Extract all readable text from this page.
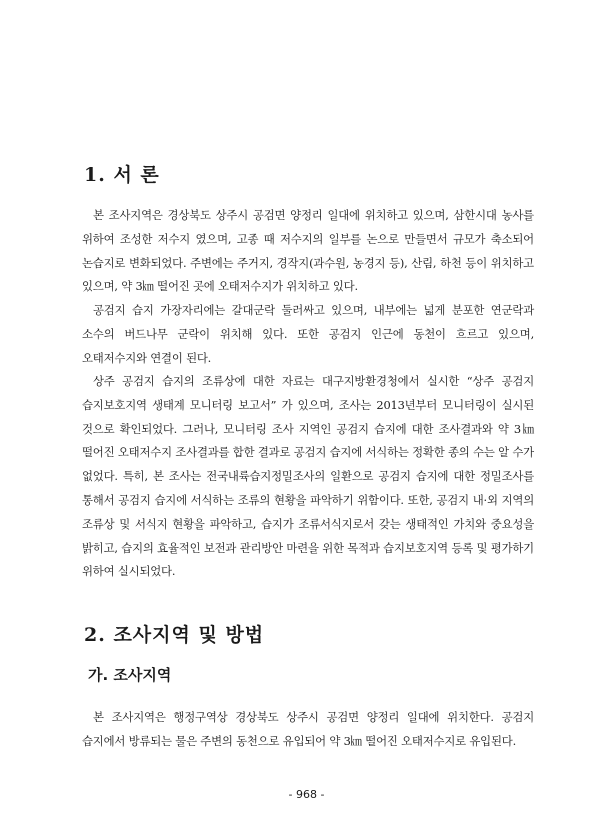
1. 서 론

본 조사지역은 경상북도 상주시 공검면 양정리 일대에 위치하고 있으며, 삼한시대 농사를 위하여 조성한 저수지 였으며, 고종 때 저수지의 일부를 논으로 만들면서 규모가 축소되어 논습지로 변화되었다. 주변에는 주거지, 경작지(과수원, 농경지 등), 산림, 하천 등이 위치하고 있으며, 약 3㎞ 떨어진 곳에 오태저수지가 위치하고 있다.

공검지 습지 가장자리에는 갈대군락 둘러싸고 있으며, 내부에는 넓게 분포한 연군락과 소수의 버드나무 군락이 위치해 있다. 또한 공검지 인근에 동천이 흐르고 있으며, 오태저수지와 연결이 된다.

상주 공검지 습지의 조류상에 대한 자료는 대구지방환경청에서 실시한 “상주 공검지 습지보호지역 생태계 모니터링 보고서” 가 있으며, 조사는 2013년부터 모니터링이 실시된 것으로 확인되었다. 그러나, 모니터링 조사 지역인 공검지 습지에 대한 조사결과와 약 3㎞ 떨어진 오태저수지 조사결과를 합한 결과로 공검지 습지에 서식하는 정확한 종의 수는 알 수가 없었다. 특히, 본 조사는 전국내륙습지정밀조사의 일환으로 공검지 습지에 대한 정밀조사를 통해서 공검지 습지에 서식하는 조류의 현황을 파악하기 위함이다. 또한, 공검지 내·외 지역의 조류상 및 서식지 현황을 파악하고, 습지가 조류서식지로서 갖는 생태적인 가치와 중요성을 밝히고, 습지의 효율적인 보전과 관리방안 마련을 위한 목적과 습지보호지역 등록 및 평가하기 위하여 실시되었다.

2. 조사지역 및 방법
가. 조사지역

본 조사지역은 행정구역상 경상북도 상주시 공검면 양정리 일대에 위치한다. 공검지 습지에서 방류되는 물은 주변의 동천으로 유입되어 약 3㎞ 떨어진 오태저수지로 유입된다.

- 968 -
